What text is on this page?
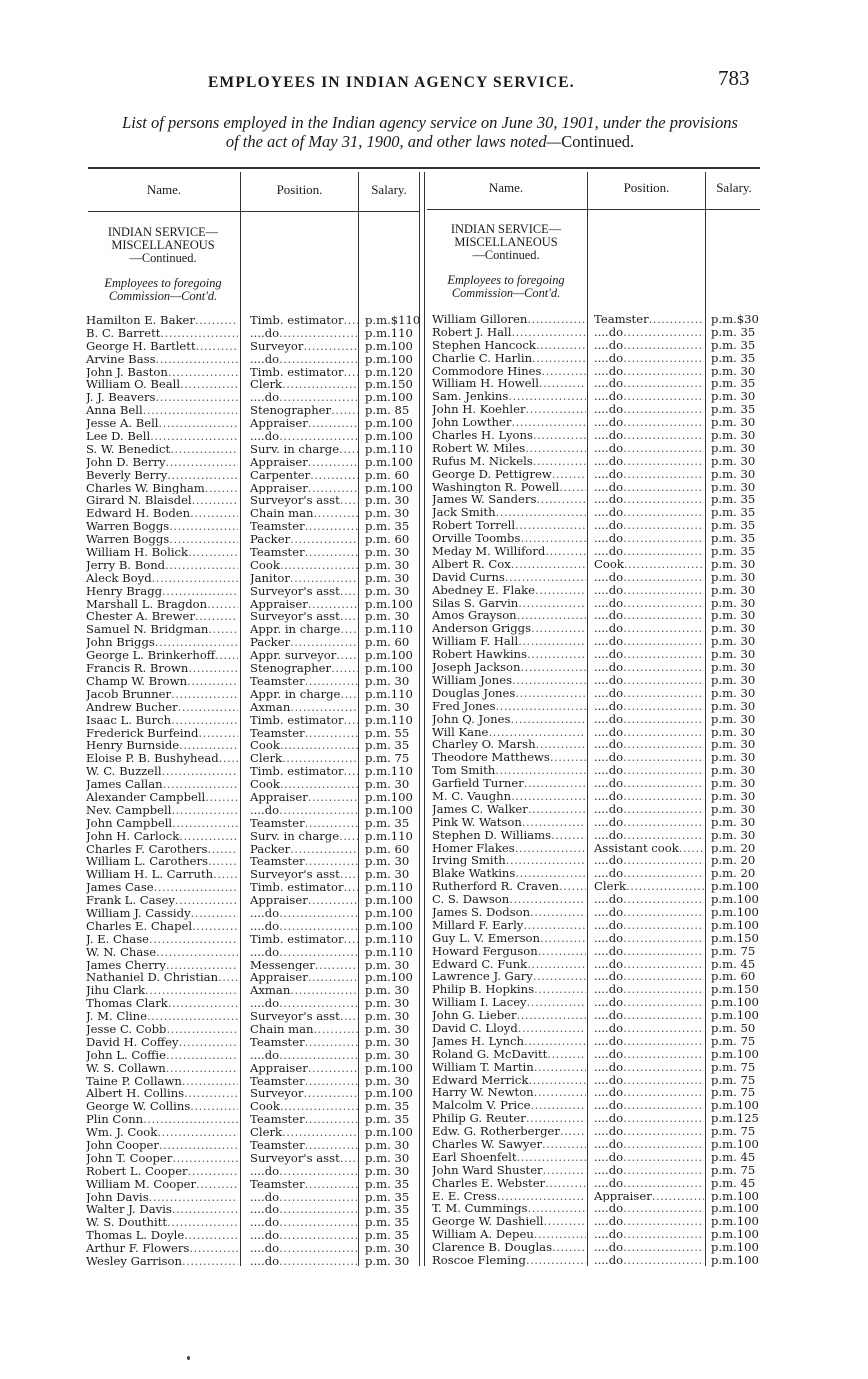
EMPLOYEES IN INDIAN AGENCY SERVICE.	783
List of persons employed in the Indian agency service on June 30, 1901, under the provisions
of the act of May 31, 1900, and other laws noted—Continued.
Name.	Position.	Salary.	Name.	Position.	Salary.
INDIAN SERVICE—
MISCELLANEOUS
—Continued.
Employees to foregoing
Commission—Cont'd.
INDIAN SERVICE—
MISCELLANEOUS
—Continued.
Employees to foregoing
Commission—Cont'd.
Hamilton E. Baker .....	Timb. estimator .....	p.m.$110
B. C. Barrett .....	....do .....	p.m.110
George H. Bartlett .....	Surveyor .....	p.m.100
Arvine Bass .....	....do .....	p.m.100
John J. Baston .....	Timb. estimator .....	p.m.120
William O. Beall .....	Clerk .....	p.m.150
J. J. Beavers .....	....do .....	p.m.100
Anna Bell .....	Stenographer .....	p.m. 85
Jesse A. Bell .....	Appraiser .....	p.m.100
Lee D. Bell .....	....do .....	p.m.100
S. W. Benedict .....	Surv. in charge .....	p.m.110
John D. Berry .....	Appraiser .....	p.m.100
Beverly Berry .....	Carpenter .....	p.m. 60
Charles W. Bingham .....	Appraiser .....	p.m.100
Girard N. Blaisdel .....	Surveyor's asst .....	p.m. 30
Edward H. Boden .....	Chain man .....	p.m. 30
Warren Boggs .....	Teamster .....	p.m. 35
Warren Boggs .....	Packer .....	p.m. 60
William H. Bolick .....	Teamster .....	p.m. 30
Jerry B. Bond .....	Cook .....	p.m. 30
Aleck Boyd .....	Janitor .....	p.m. 30
Henry Bragg .....	Surveyor's asst .....	p.m. 30
Marshall L. Bragdon .....	Appraiser .....	p.m.100
Chester A. Brewer .....	Surveyor's asst .....	p.m. 30
Samuel N. Bridgman .....	Appr. in charge .....	p.m.110
John Briggs .....	Packer .....	p.m. 60
George L. Brinkerhoff .....	Appr. surveyor .....	p.m.100
Francis R. Brown .....	Stenographer .....	p.m.100
Champ W. Brown .....	Teamster .....	p.m. 30
Jacob Brunner .....	Appr. in charge .....	p.m.110
Andrew Bucher .....	Axman .....	p.m. 30
Isaac L. Burch .....	Timb. estimator .....	p.m.110
Frederick Burfeind .....	Teamster .....	p.m. 55
Henry Burnside .....	Cook .....	p.m. 35
Eloise P. B. Bushyhead .....	Clerk .....	p.m. 75
W. C. Buzzell .....	Timb. estimator .....	p.m.110
James Callan .....	Cook .....	p.m. 30
Alexander Campbell .....	Appraiser .....	p.m.100
Nev. Campbell .....	....do .....	p.m.100
John Campbell .....	Teamster .....	p.m. 35
John H. Carlock .....	Surv. in charge .....	p.m.110
Charles F. Carothers .....	Packer .....	p.m. 60
William L. Carothers .....	Teamster .....	p.m. 30
William H. L. Carruth .....	Surveyor's asst .....	p.m. 30
James Case .....	Timb. estimator .....	p.m.110
Frank L. Casey .....	Appraiser .....	p.m.100
William J. Cassidy .....	....do .....	p.m.100
Charles E. Chapel .....	....do .....	p.m.100
J. E. Chase .....	Timb. estimator .....	p.m.110
W. N. Chase .....	....do .....	p.m.110
James Cherry .....	Messenger .....	p.m. 30
Nathaniel D. Christian .....	Appraiser .....	p.m.100
Jihu Clark .....	Axman .....	p.m. 30
Thomas Clark .....	....do .....	p.m. 30
J. M. Cline .....	Surveyor's asst .....	p.m. 30
Jesse C. Cobb .....	Chain man .....	p.m. 30
David H. Coffey .....	Teamster .....	p.m. 30
John L. Coffie .....	....do .....	p.m. 30
W. S. Collawn .....	Appraiser .....	p.m.100
Taine P. Collawn .....	Teamster .....	p.m. 30
Albert H. Collins .....	Surveyor .....	p.m.100
George W. Collins .....	Cook .....	p.m. 35
Plin Conn .....	Teamster .....	p.m. 35
Wm. J. Cook .....	Clerk .....	p.m.100
John Cooper .....	Teamster .....	p.m. 30
John T. Cooper .....	Surveyor's asst .....	p.m. 30
Robert L. Cooper .....	....do .....	p.m. 30
William M. Cooper .....	Teamster .....	p.m. 35
John Davis .....	....do .....	p.m. 35
Walter J. Davis .....	....do .....	p.m. 35
W. S. Douthitt .....	....do .....	p.m. 35
Thomas L. Doyle .....	....do .....	p.m. 35
Arthur F. Flowers .....	....do .....	p.m. 30
Wesley Garrison .....	....do .....	p.m. 30
William Gilloren .....	Teamster .....	p.m.$30
Robert J. Hall .....	....do .....	p.m. 35
Stephen Hancock .....	....do .....	p.m. 35
Charlie C. Harlin .....	....do .....	p.m. 35
Commodore Hines .....	....do .....	p.m. 30
William H. Howell .....	....do .....	p.m. 35
Sam. Jenkins .....	....do .....	p.m. 30
John H. Koehler .....	....do .....	p.m. 35
John Lowther .....	....do .....	p.m. 30
Charles H. Lyons .....	....do .....	p.m. 30
Robert W. Miles .....	....do .....	p.m. 30
Rufus M. Nickels .....	....do .....	p.m. 30
George D. Pettigrew .....	....do .....	p.m. 30
Washington R. Powell .....	....do .....	p.m. 30
James W. Sanders .....	....do .....	p.m. 35
Jack Smith .....	....do .....	p.m. 35
Robert Torrell .....	....do .....	p.m. 35
Orville Toombs .....	....do .....	p.m. 35
Meday M. Williford .....	....do .....	p.m. 35
Albert R. Cox .....	Cook .....	p.m. 30
David Curns .....	....do .....	p.m. 30
Abedney E. Flake .....	....do .....	p.m. 30
Silas S. Garvin .....	....do .....	p.m. 30
Amos Grayson .....	....do .....	p.m. 30
Anderson Griggs .....	....do .....	p.m. 30
William F. Hall .....	....do .....	p.m. 30
Robert Hawkins .....	....do .....	p.m. 30
Joseph Jackson .....	....do .....	p.m. 30
William Jones .....	....do .....	p.m. 30
Douglas Jones .....	....do .....	p.m. 30
Fred Jones .....	....do .....	p.m. 30
John Q. Jones .....	....do .....	p.m. 30
Will Kane .....	....do .....	p.m. 30
Charley O. Marsh .....	....do .....	p.m. 30
Theodore Matthews .....	....do .....	p.m. 30
Tom Smith .....	....do .....	p.m. 30
Garfield Turner .....	....do .....	p.m. 30
M. C. Vaughn .....	....do .....	p.m. 30
James C. Walker .....	....do .....	p.m. 30
Pink W. Watson .....	....do .....	p.m. 30
Stephen D. Williams .....	....do .....	p.m. 30
Homer Flakes .....	Assistant cook .....	p.m. 20
Irving Smith .....	....do .....	p.m. 20
Blake Watkins .....	....do .....	p.m. 20
Rutherford R. Craven .....	Clerk .....	p.m.100
C. S. Dawson .....	....do .....	p.m.100
James S. Dodson .....	....do .....	p.m.100
Millard F. Early .....	....do .....	p.m.100
Guy L. V. Emerson .....	....do .....	p.m.150
Howard Ferguson .....	....do .....	p.m. 75
Edward C. Funk .....	....do .....	p.m. 45
Lawrence J. Gary .....	....do .....	p.m. 60
Philip B. Hopkins .....	....do .....	p.m.150
William I. Lacey .....	....do .....	p.m.100
John G. Lieber .....	....do .....	p.m.100
David C. Lloyd .....	....do .....	p.m. 50
James H. Lynch .....	....do .....	p.m. 75
Roland G. McDavitt .....	....do .....	p.m.100
William T. Martin .....	....do .....	p.m. 75
Edward Merrick .....	....do .....	p.m. 75
Harry W. Newton .....	....do .....	p.m. 75
Malcolm V. Price .....	....do .....	p.m.100
Philip G. Reuter .....	....do .....	p.m.125
Edw. G. Rotherberger .....	....do .....	p.m. 75
Charles W. Sawyer .....	....do .....	p.m.100
Earl Shoenfelt .....	....do .....	p.m. 45
John Ward Shuster .....	....do .....	p.m. 75
Charles E. Webster .....	....do .....	p.m. 45
E. E. Cress .....	Appraiser .....	p.m.100
T. M. Cummings .....	....do .....	p.m.100
George W. Dashiell .....	....do .....	p.m.100
William A. Depeu .....	....do .....	p.m.100
Clarence B. Douglas .....	....do .....	p.m.100
Roscoe Fleming .....	....do .....	p.m.100
